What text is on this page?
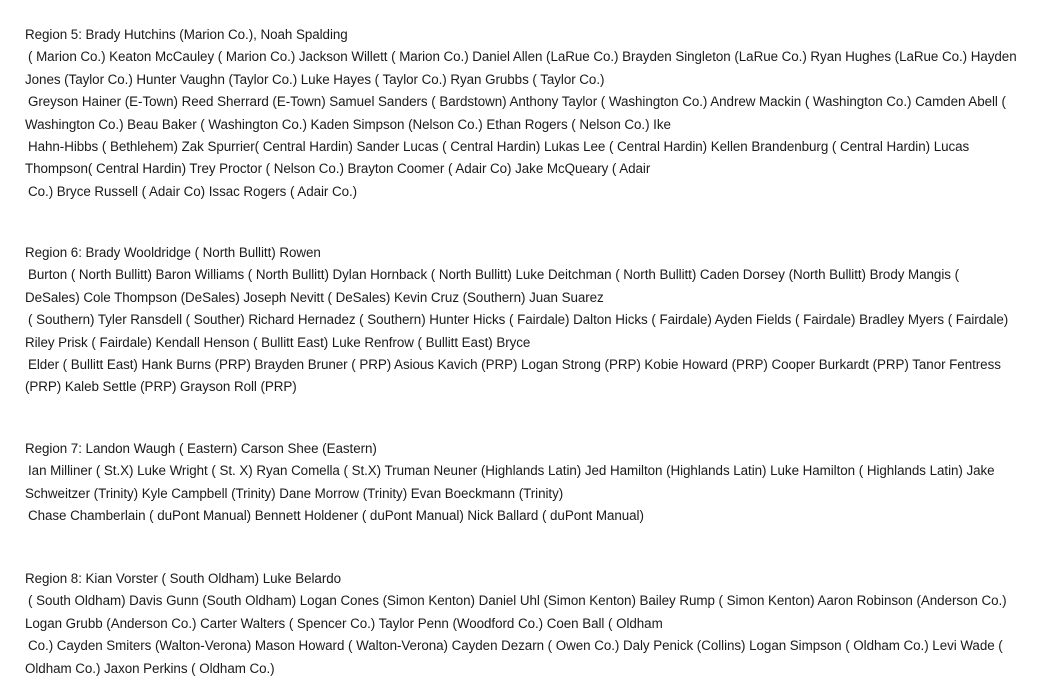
Region 5: Brady Hutchins (Marion Co.), Noah Spalding
( Marion Co.) Keaton McCauley ( Marion Co.) Jackson Willett ( Marion Co.) Daniel Allen (LaRue Co.) Brayden Singleton (LaRue Co.) Ryan Hughes (LaRue Co.) Hayden
Jones (Taylor Co.) Hunter Vaughn (Taylor Co.) Luke Hayes ( Taylor Co.) Ryan Grubbs ( Taylor Co.)
Greyson Hainer (E-Town) Reed Sherrard (E-Town) Samuel Sanders ( Bardstown) Anthony Taylor ( Washington Co.) Andrew Mackin ( Washington Co.) Camden Abell (
Washington Co.) Beau Baker ( Washington Co.) Kaden Simpson (Nelson Co.) Ethan Rogers ( Nelson Co.) Ike
Hahn-Hibbs ( Bethlehem) Zak Spurrier( Central Hardin) Sander Lucas ( Central Hardin) Lukas Lee ( Central Hardin) Kellen Brandenburg ( Central Hardin) Lucas
Thompson( Central Hardin) Trey Proctor ( Nelson Co.) Brayton Coomer ( Adair Co) Jake McQueary ( Adair
Co.) Bryce Russell ( Adair Co) Issac Rogers ( Adair Co.)
Region 6: Brady Wooldridge ( North Bullitt) Rowen
Burton ( North Bullitt) Baron Williams ( North Bullitt) Dylan Hornback ( North Bullitt) Luke Deitchman ( North Bullitt) Caden Dorsey (North Bullitt) Brody Mangis (
DeSales) Cole Thompson (DeSales) Joseph Nevitt ( DeSales) Kevin Cruz (Southern) Juan Suarez
( Southern) Tyler Ransdell ( Souther) Richard Hernadez ( Southern) Hunter Hicks ( Fairdale) Dalton Hicks ( Fairdale) Ayden Fields ( Fairdale) Bradley Myers ( Fairdale)
Riley Prisk ( Fairdale) Kendall Henson ( Bullitt East) Luke Renfrow ( Bullitt East) Bryce
Elder ( Bullitt East) Hank Burns (PRP) Brayden Bruner ( PRP) Asious Kavich (PRP) Logan Strong (PRP) Kobie Howard (PRP) Cooper Burkardt (PRP) Tanor Fentress
(PRP) Kaleb Settle (PRP) Grayson Roll (PRP)
Region 7: Landon Waugh ( Eastern) Carson Shee (Eastern)
Ian Milliner ( St.X) Luke Wright ( St. X) Ryan Comella ( St.X) Truman Neuner (Highlands Latin) Jed Hamilton (Highlands Latin) Luke Hamilton ( Highlands Latin) Jake
Schweitzer (Trinity) Kyle Campbell (Trinity) Dane Morrow (Trinity) Evan Boeckmann (Trinity)
Chase Chamberlain ( duPont Manual) Bennett Holdener ( duPont Manual) Nick Ballard ( duPont Manual)
Region 8: Kian Vorster ( South Oldham) Luke Belardo
( South Oldham) Davis Gunn (South Oldham) Logan Cones (Simon Kenton) Daniel Uhl (Simon Kenton) Bailey Rump ( Simon Kenton) Aaron Robinson (Anderson Co.)
Logan Grubb (Anderson Co.) Carter Walters ( Spencer Co.) Taylor Penn (Woodford Co.) Coen Ball ( Oldham
Co.) Cayden Smiters (Walton-Verona) Mason Howard ( Walton-Verona) Cayden Dezarn ( Owen Co.) Daly Penick (Collins) Logan Simpson ( Oldham Co.) Levi Wade (
Oldham Co.) Jaxon Perkins ( Oldham Co.)
